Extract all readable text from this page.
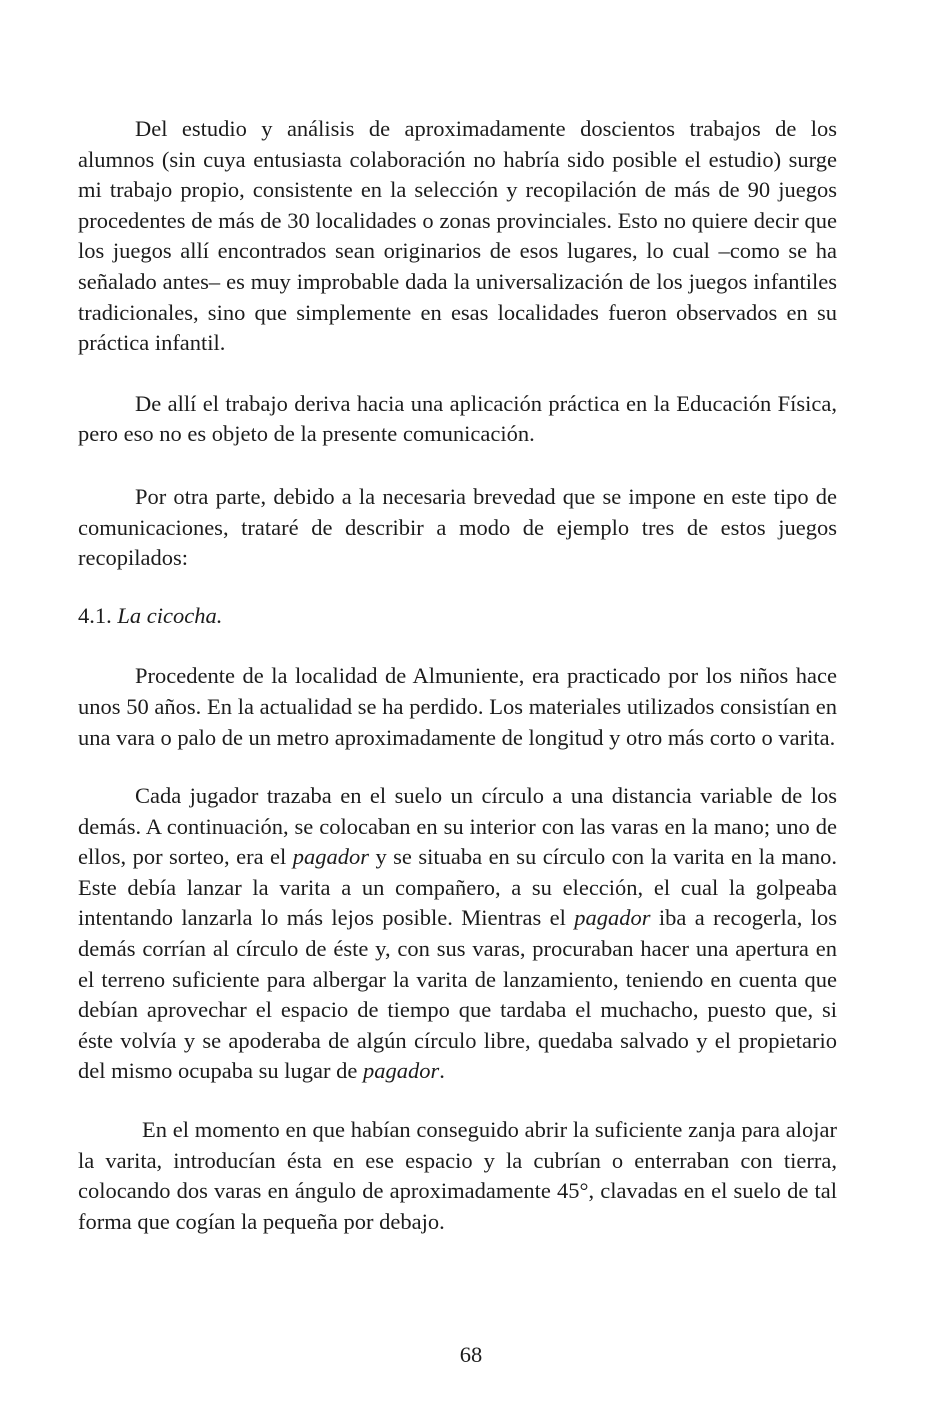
Del estudio y análisis de aproximadamente doscientos trabajos de los alumnos (sin cuya entusiasta colaboración no habría sido posible el estudio) surge mi trabajo propio, consistente en la selección y recopilación de más de 90 juegos procedentes de más de 30 localidades o zonas provinciales. Esto no quiere decir que los juegos allí encontrados sean originarios de esos lugares, lo cual –como se ha señalado antes– es muy improbable dada la universalización de los juegos infantiles tradicionales, sino que simplemente en esas localidades fueron observados en su práctica infantil.

De allí el trabajo deriva hacia una aplicación práctica en la Educación Física, pero eso no es objeto de la presente comunicación.

Por otra parte, debido a la necesaria brevedad que se impone en este tipo de comunicaciones, trataré de describir a modo de ejemplo tres de estos juegos recopilados:

4.1. La cicocha.

Procedente de la localidad de Almuniente, era practicado por los niños hace unos 50 años. En la actualidad se ha perdido. Los materiales utilizados consistían en una vara o palo de un metro aproximadamente de longitud y otro más corto o varita.

Cada jugador trazaba en el suelo un círculo a una distancia variable de los demás. A continuación, se colocaban en su interior con las varas en la mano; uno de ellos, por sorteo, era el pagador y se situaba en su círculo con la varita en la mano. Este debía lanzar la varita a un compañero, a su elección, el cual la golpeaba intentando lanzarla lo más lejos posible. Mientras el pagador iba a recogerla, los demás corrían al círculo de éste y, con sus varas, procuraban hacer una apertura en el terreno suficiente para albergar la varita de lanzamiento, teniendo en cuenta que debían aprovechar el espacio de tiempo que tardaba el muchacho, puesto que, si éste volvía y se apoderaba de algún círculo libre, quedaba salvado y el propietario del mismo ocupaba su lugar de pagador.

En el momento en que habían conseguido abrir la suficiente zanja para alojar la varita, introducían ésta en ese espacio y la cubrían o enterraban con tierra, colocando dos varas en ángulo de aproximadamente 45°, clavadas en el suelo de tal forma que cogían la pequeña por debajo.

68
